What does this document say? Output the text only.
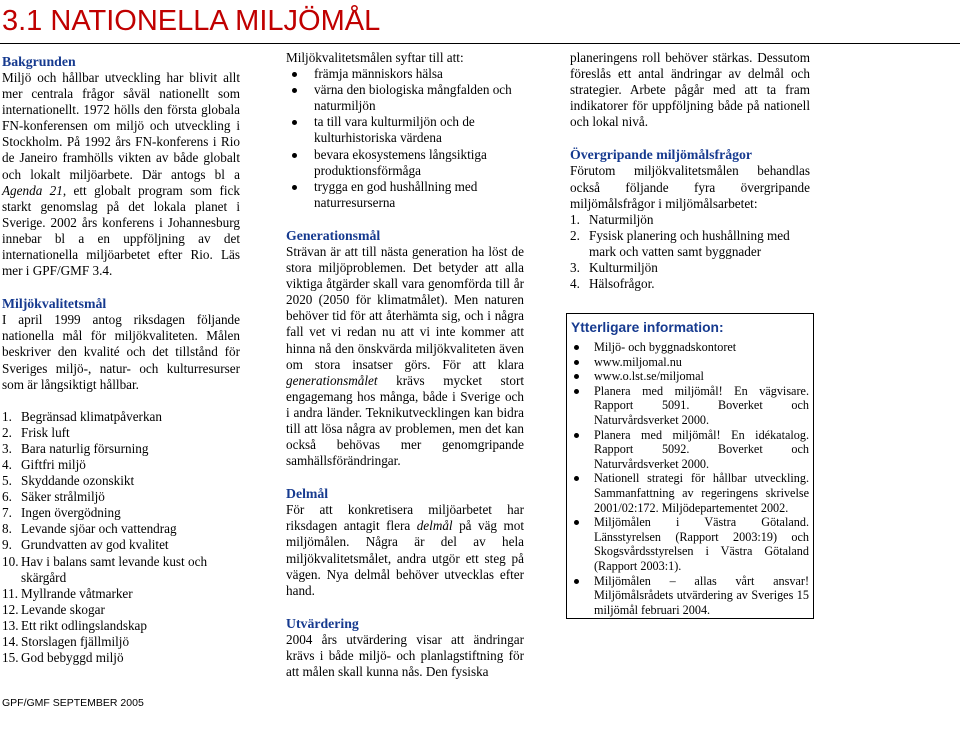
3.1 NATIONELLA MILJÖMÅL
Bakgrunden

Miljö och hållbar utveckling har blivit allt mer centrala frågor såväl nationellt som internationellt. 1972 hölls den första globala FN-konferensen om miljö och utveckling i Stockholm. På 1992 års FN-konferens i Rio de Janeiro framhölls vikten av både globalt och lokalt miljöarbete. Där antogs bl a Agenda 21, ett globalt program som fick starkt genomslag på det lokala planet i Sverige. 2002 års konferens i Johannesburg innebar bl a en uppföljning av det internationella miljöarbetet efter Rio. Läs mer i GPF/GMF 3.4.

Miljökvalitetsmål

I april 1999 antog riksdagen följande nationella mål för miljökvaliteten. Målen beskriver den kvalité och det tillstånd för Sveriges miljö-, natur- och kulturresurser som är långsiktigt hållbar.

1. Begränsad klimatpåverkan
2. Frisk luft
3. Bara naturlig försurning
4. Giftfri miljö
5. Skyddande ozonskikt
6. Säker strålmiljö
7. Ingen övergödning
8. Levande sjöar och vattendrag
9. Grundvatten av god kvalitet
10. Hav i balans samt levande kust och skärgård
11. Myllrande våtmarker
12. Levande skogar
13. Ett rikt odlingslandskap
14. Storslagen fjällmiljö
15. God bebyggd miljö

Miljökvalitetsmålen syftar till att:

främja människors hälsa
värna den biologiska mångfalden och naturmiljön
ta till vara kulturmiljön och de kulturhistoriska värdena
bevara ekosystemens långsiktiga produktionsförmåga
trygga en god hushållning med naturresurserna
Generationsmål

Strävan är att till nästa generation ha löst de stora miljöproblemen. Det betyder att alla viktiga åtgärder skall vara genomförda till år 2020 (2050 för klimatmålet). Men naturen behöver tid för att återhämta sig, och i några fall vet vi redan nu att vi inte kommer att hinna nå den önskvärda miljökvaliteten även om stora insatser görs. För att klara generationsmålet krävs mycket stort engagemang hos många, både i Sverige och i andra länder. Teknikutvecklingen kan bidra till att lösa några av problemen, men det kan också behövas mer genomgripande samhällsförändringar.

Delmål

För att konkretisera miljöarbetet har riksdagen antagit flera delmål på väg mot miljömålen. Några är del av hela miljökvalitetsmålet, andra utgör ett steg på vägen. Nya delmål behöver utvecklas efter hand.

Utvärdering

2004 års utvärdering visar att ändringar krävs i både miljö- och planlagstiftning för att målen skall kunna nås. Den fysiska

planeringens roll behöver stärkas. Dessutom föreslås ett antal ändringar av delmål och strategier. Arbete pågår med att ta fram indikatorer för uppföljning både på nationell och lokal nivå.

Övergripande miljömålsfrågor

Förutom miljökvalitetsmålen behandlas också följande fyra övergripande miljömålsfrågor i miljömålsarbetet:

1. Naturmiljön
2. Fysisk planering och hushållning med mark och vatten samt byggnader
3. Kulturmiljön
4. Hälsofrågor.
Ytterligare information:
Miljö- och byggnadskontoret
www.miljomal.nu
www.o.lst.se/miljomal
Planera med miljömål! En vägvisare. Rapport 5091. Boverket och Naturvårdsverket 2000.
Planera med miljömål! En idékatalog. Rapport 5092. Boverket och Naturvårdsverket 2000.
Nationell strategi för hållbar utveckling. Sammanfattning av regeringens skrivelse 2001/02:172. Miljödepartementet 2002.
Miljömålen i Västra Götaland. Länsstyrelsen (Rapport 2003:19) och Skogsvårdsstyrelsen i Västra Götaland (Rapport 2003:1).
Miljömålen – allas vårt ansvar! Miljömålsrådets utvärdering av Sveriges 15 miljömål februari 2004.
GPF/GMF SEPTEMBER 2005
